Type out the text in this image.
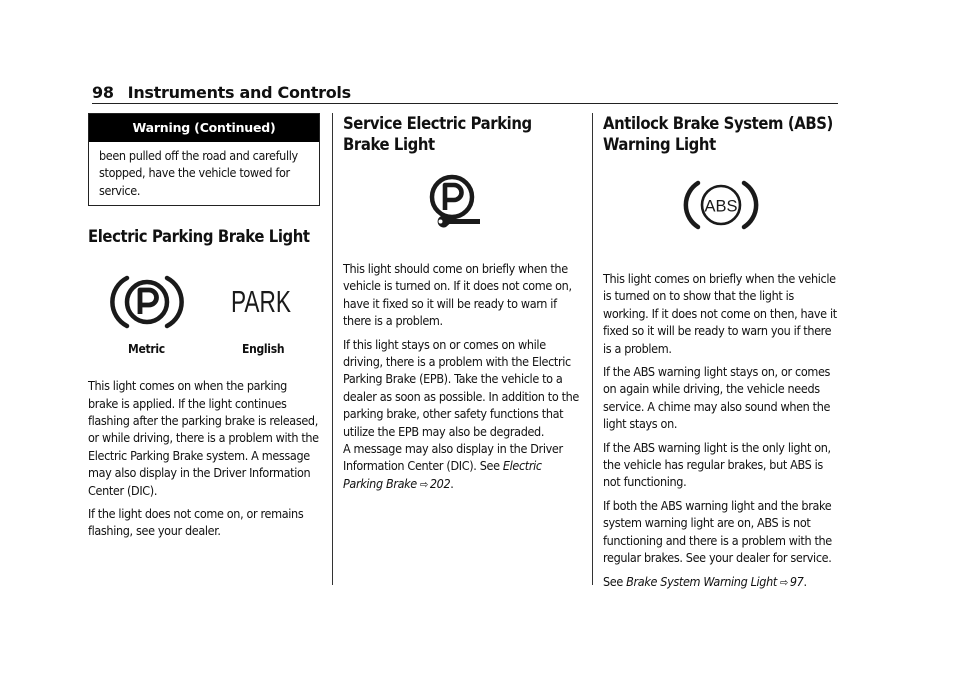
98 Instruments and Controls
Warning (Continued)

been pulled off the road and carefully stopped, have the vehicle towed for service.

Electric Parking Brake Light
PARK
Metric	English

This light comes on when the parking brake is applied. If the light continues flashing after the parking brake is released, or while driving, there is a problem with the Electric Parking Brake system. A message may also display in the Driver Information Center (DIC).

If the light does not come on, or remains flashing, see your dealer.

Service Electric Parking Brake Light

This light should come on briefly when the vehicle is turned on. If it does not come on, have it fixed so it will be ready to warn if there is a problem.

If this light stays on or comes on while driving, there is a problem with the Electric Parking Brake (EPB). Take the vehicle to a dealer as soon as possible. In addition to the parking brake, other safety functions that utilize the EPB may also be degraded.

A message may also display in the Driver Information Center (DIC). See Electric Parking Brake ⇨ 202.

Antilock Brake System (ABS) Warning Light
ABS

This light comes on briefly when the vehicle is turned on to show that the light is working. If it does not come on then, have it fixed so it will be ready to warn you if there is a problem.

If the ABS warning light stays on, or comes on again while driving, the vehicle needs service. A chime may also sound when the light stays on.

If the ABS warning light is the only light on, the vehicle has regular brakes, but ABS is not functioning.

If both the ABS warning light and the brake system warning light are on, ABS is not functioning and there is a problem with the regular brakes. See your dealer for service.

See Brake System Warning Light ⇨ 97.
